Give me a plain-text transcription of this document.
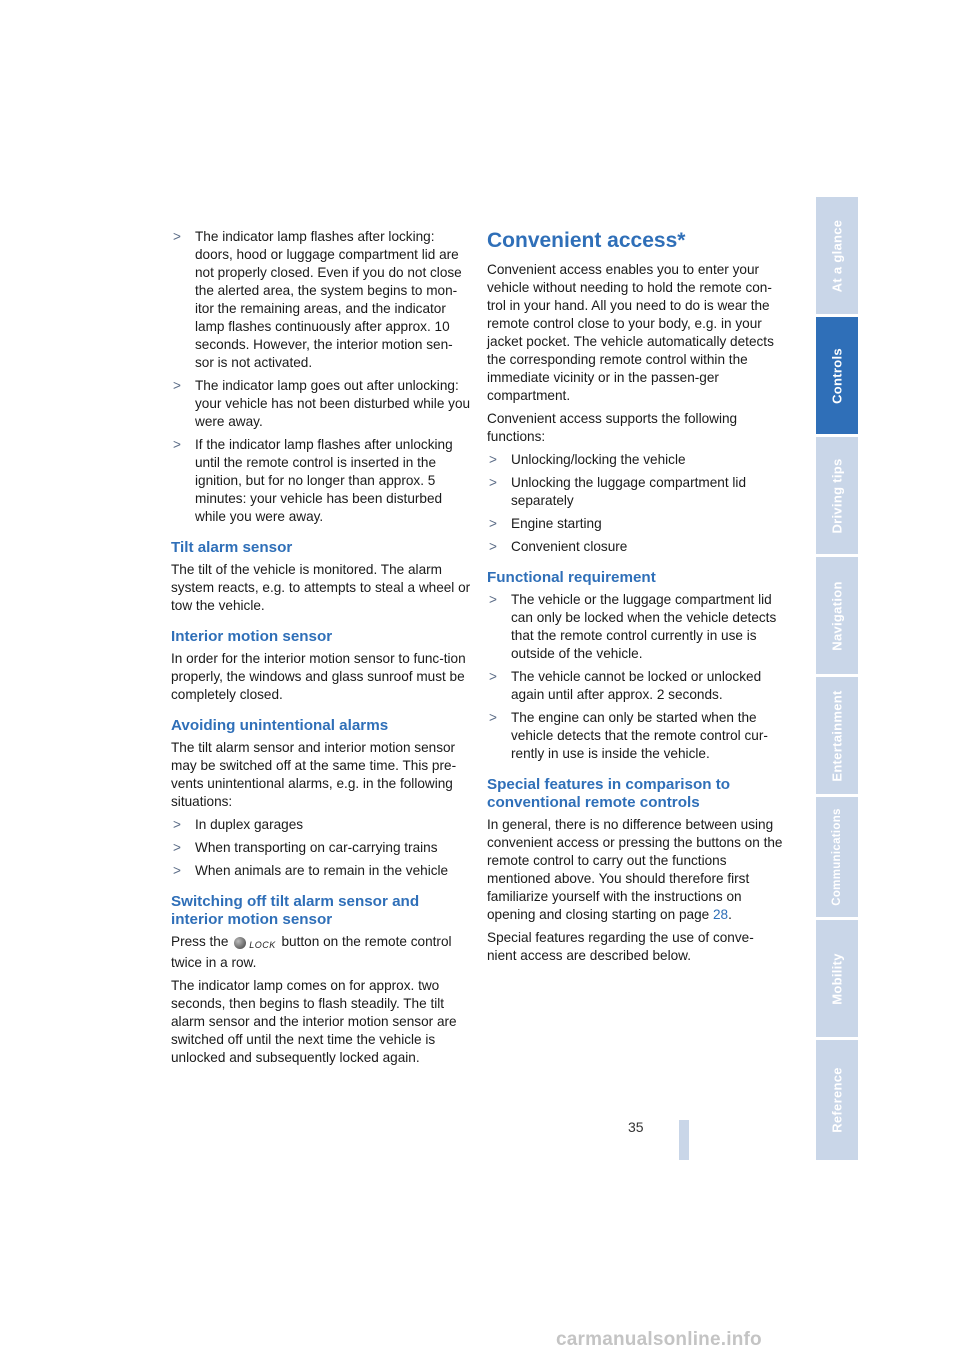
> The indicator lamp flashes after locking: doors, hood or luggage compartment lid are not properly closed. Even if you do not close the alerted area, the system begins to mon-itor the remaining areas, and the indicator lamp flashes continuously after approx. 10 seconds. However, the interior motion sen-sor is not activated.
> The indicator lamp goes out after unlocking: your vehicle has not been disturbed while you were away.
> If the indicator lamp flashes after unlocking until the remote control is inserted in the ignition, but for no longer than approx. 5 minutes: your vehicle has been disturbed while you were away.
Tilt alarm sensor

The tilt of the vehicle is monitored. The alarm system reacts, e.g. to attempts to steal a wheel or tow the vehicle.

Interior motion sensor

In order for the interior motion sensor to func-tion properly, the windows and glass sunroof must be completely closed.

Avoiding unintentional alarms

The tilt alarm sensor and interior motion sensor may be switched off at the same time. This pre-vents unintentional alarms, e.g. in the following situations:

> In duplex garages
> When transporting on car-carrying trains
> When animals are to remain in the vehicle
Switching off tilt alarm sensor and interior motion sensor

Press the LOCK button on the remote control twice in a row.

The indicator lamp comes on for approx. two seconds, then begins to flash steadily. The tilt alarm sensor and the interior motion sensor are switched off until the next time the vehicle is unlocked and subsequently locked again.

Convenient access*

Convenient access enables you to enter your vehicle without needing to hold the remote con-trol in your hand. All you need to do is wear the remote control close to your body, e.g. in your jacket pocket. The vehicle automatically detects the corresponding remote control within the immediate vicinity or in the passen-ger compartment.

Convenient access supports the following functions:

> Unlocking/locking the vehicle
> Unlocking the luggage compartment lid separately
> Engine starting
> Convenient closure
Functional requirement
> The vehicle or the luggage compartment lid can only be locked when the vehicle detects that the remote control currently in use is outside of the vehicle.
> The vehicle cannot be locked or unlocked again until after approx. 2 seconds.
> The engine can only be started when the vehicle detects that the remote control cur-rently in use is inside the vehicle.
Special features in comparison to conventional remote controls

In general, there is no difference between using convenient access or pressing the buttons on the remote control to carry out the functions mentioned above. You should therefore first familiarize yourself with the instructions on opening and closing starting on page 28.

Special features regarding the use of conve-nient access are described below.

35
At a glance
Controls
Driving tips
Navigation
Entertainment
Communications
Mobility
Reference
carmanualsonline.info
